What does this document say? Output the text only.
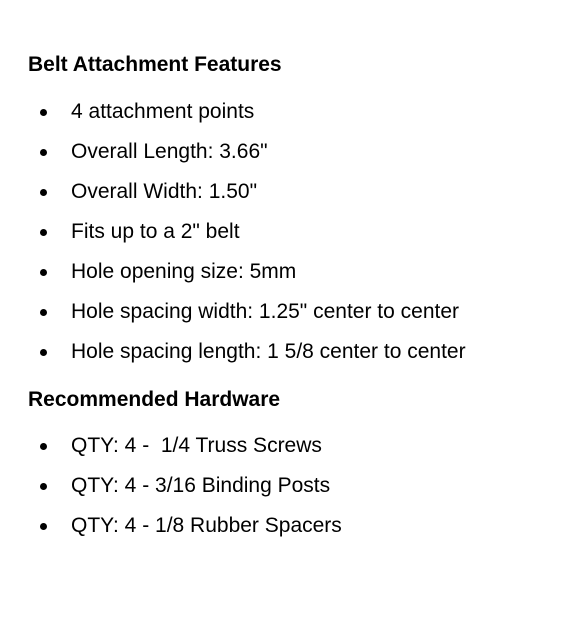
Belt Attachment Features

4 attachment points

Overall Length: 3.66"

Overall Width: 1.50"

Fits up to a 2" belt

Hole opening size: 5mm

Hole spacing width: 1.25" center to center

Hole spacing length: 1 5/8 center to center

Recommended Hardware

QTY: 4 -  1/4 Truss Screws

QTY: 4 - 3/16 Binding Posts

QTY: 4 - 1/8 Rubber Spacers
